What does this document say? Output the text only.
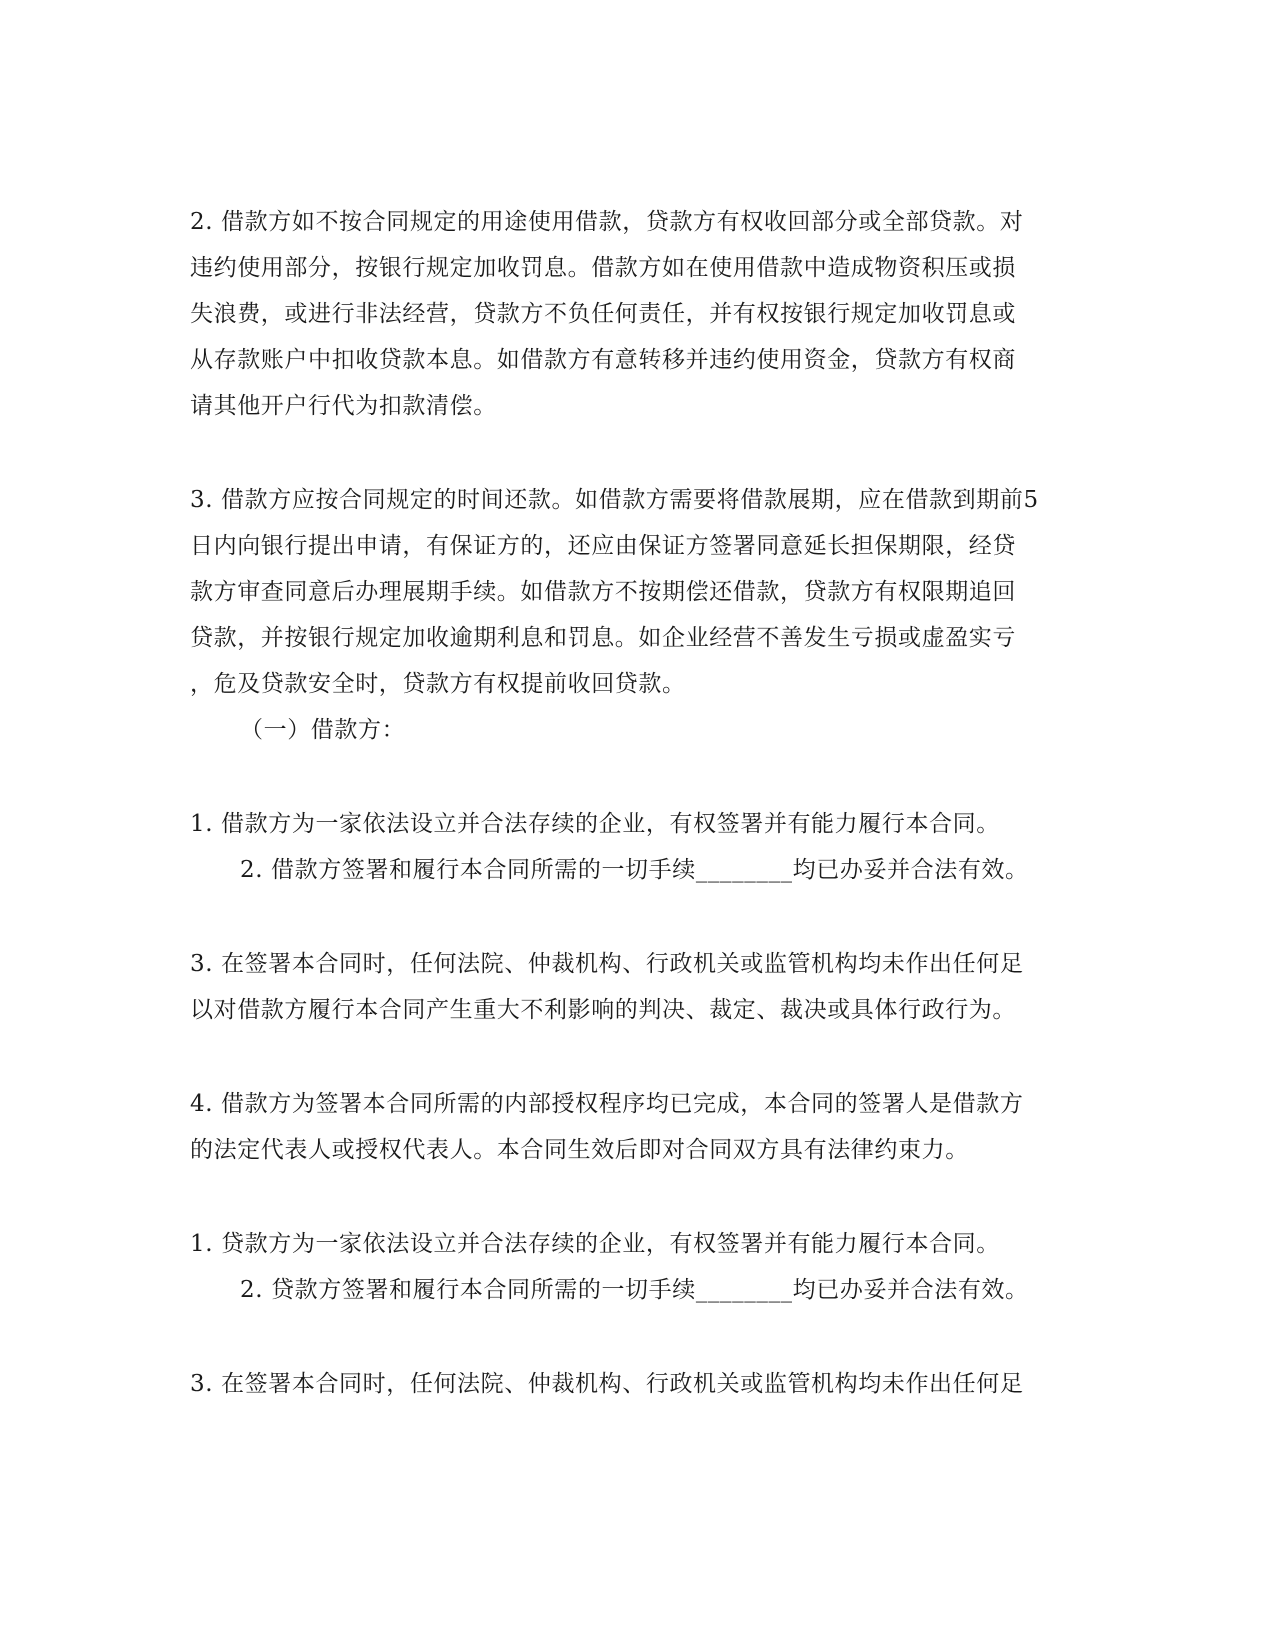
2. 借款方如不按合同规定的用途使用借款，贷款方有权收回部分或全部贷款。对
违约使用部分，按银行规定加收罚息。借款方如在使用借款中造成物资积压或损
失浪费，或进行非法经营，贷款方不负任何责任，并有权按银行规定加收罚息或
从存款账户中扣收贷款本息。如借款方有意转移并违约使用资金，贷款方有权商
请其他开户行代为扣款清偿。
3. 借款方应按合同规定的时间还款。如借款方需要将借款展期，应在借款到期前5
日内向银行提出申请，有保证方的，还应由保证方签署同意延长担保期限，经贷
款方审查同意后办理展期手续。如借款方不按期偿还借款，贷款方有权限期追回
贷款，并按银行规定加收逾期利息和罚息。如企业经营不善发生亏损或虚盈实亏
，危及贷款安全时，贷款方有权提前收回贷款。
（一）借款方：
1. 借款方为一家依法设立并合法存续的企业，有权签署并有能力履行本合同。
2. 借款方签署和履行本合同所需的一切手续________均已办妥并合法有效。
3. 在签署本合同时，任何法院、仲裁机构、行政机关或监管机构均未作出任何足
以对借款方履行本合同产生重大不利影响的判决、裁定、裁决或具体行政行为。
4. 借款方为签署本合同所需的内部授权程序均已完成，本合同的签署人是借款方
的法定代表人或授权代表人。本合同生效后即对合同双方具有法律约束力。
1. 贷款方为一家依法设立并合法存续的企业，有权签署并有能力履行本合同。
2. 贷款方签署和履行本合同所需的一切手续________均已办妥并合法有效。
3. 在签署本合同时，任何法院、仲裁机构、行政机关或监管机构均未作出任何足
